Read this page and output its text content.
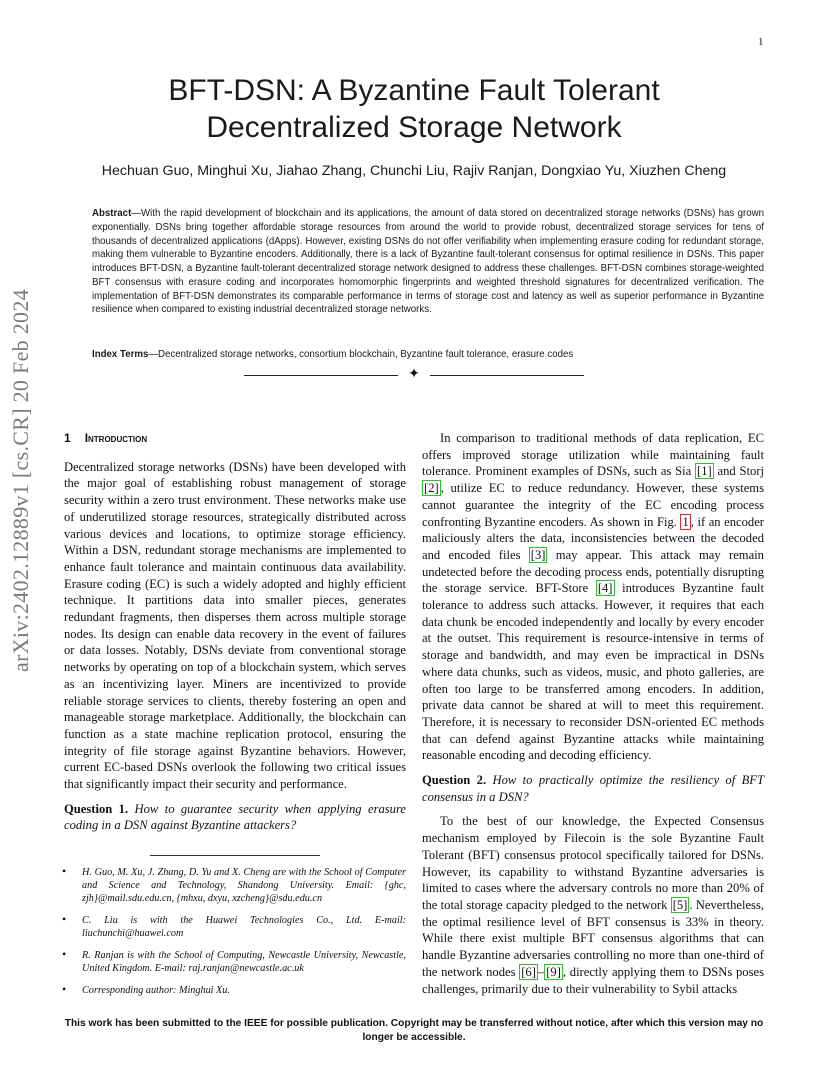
1
arXiv:2402.12889v1 [cs.CR] 20 Feb 2024
BFT-DSN: A Byzantine Fault Tolerant
Decentralized Storage Network
Hechuan Guo, Minghui Xu, Jiahao Zhang, Chunchi Liu, Rajiv Ranjan, Dongxiao Yu, Xiuzhen Cheng
Abstract—With the rapid development of blockchain and its applications, the amount of data stored on decentralized storage networks (DSNs) has grown exponentially. DSNs bring together affordable storage resources from around the world to provide robust, decentralized storage services for tens of thousands of decentralized applications (dApps). However, existing DSNs do not offer verifiability when implementing erasure coding for redundant storage, making them vulnerable to Byzantine encoders. Additionally, there is a lack of Byzantine fault-tolerant consensus for optimal resilience in DSNs. This paper introduces BFT-DSN, a Byzantine fault-tolerant decentralized storage network designed to address these challenges. BFT-DSN combines storage-weighted BFT consensus with erasure coding and incorporates homomorphic fingerprints and weighted threshold signatures for decentralized verification. The implementation of BFT-DSN demonstrates its comparable performance in terms of storage cost and latency as well as superior performance in Byzantine resilience when compared to existing industrial decentralized storage networks.
Index Terms—Decentralized storage networks, consortium blockchain, Byzantine fault tolerance, erasure codes
✦
1 Introduction

Decentralized storage networks (DSNs) have been developed with the major goal of establishing robust management of storage security within a zero trust environment. These networks make use of underutilized storage resources, strategically distributed across various devices and locations, to optimize storage efficiency. Within a DSN, redundant storage mechanisms are implemented to enhance fault tolerance and maintain continuous data availability. Erasure coding (EC) is such a widely adopted and highly efficient technique. It partitions data into smaller pieces, generates redundant fragments, then disperses them across multiple storage nodes. Its design can enable data recovery in the event of failures or data losses. Notably, DSNs deviate from conventional storage networks by operating on top of a blockchain system, which serves as an incentivizing layer. Miners are incentivized to provide reliable storage services to clients, thereby fostering an open and manageable storage marketplace. Additionally, the blockchain can function as a state machine replication protocol, ensuring the integrity of file storage against Byzantine behaviors. However, current EC-based DSNs overlook the following two critical issues that significantly impact their security and performance.

Question 1. How to guarantee security when applying erasure coding in a DSN against Byzantine attackers?

In comparison to traditional methods of data replication, EC offers improved storage utilization while maintaining fault tolerance. Prominent examples of DSNs, such as Sia [1] and Storj [2] , utilize EC to reduce redundancy. However, these systems cannot guarantee the integrity of the EC encoding process confronting Byzantine encoders. As shown in Fig. 1 , if an encoder maliciously alters the data, inconsistencies between the decoded and encoded files [3] may appear. This attack may remain undetected before the decoding process ends, potentially disrupting the storage service. BFT-Store [4] introduces Byzantine fault tolerance to address such attacks. However, it requires that each data chunk be encoded independently and locally by every encoder at the outset. This requirement is resource-intensive in terms of storage and bandwidth, and may even be impractical in DSNs where data chunks, such as videos, music, and photo galleries, are often too large to be transferred among encoders. In addition, private data cannot be shared at will to meet this requirement. Therefore, it is necessary to reconsider DSN-oriented EC methods that can defend against Byzantine attacks while maintaining reasonable encoding and decoding efficiency.

Question 2. How to practically optimize the resiliency of BFT consensus in a DSN?

To the best of our knowledge, the Expected Consensus mechanism employed by Filecoin is the sole Byzantine Fault Tolerant (BFT) consensus protocol specifically tailored for DSNs. However, its capability to withstand Byzantine adversaries is limited to cases where the adversary controls no more than 20% of the total storage capacity pledged to the network [5] . Nevertheless, the optimal resilience level of BFT consensus is 33% in theory. While there exist multiple BFT consensus algorithms that can handle Byzantine adversaries controlling no more than one-third of the network nodes [6] – [9] , directly applying them to DSNs poses challenges, primarily due to their vulnerability to Sybil attacks

• H. Guo, M. Xu, J. Zhang, D. Yu and X. Cheng are with the School of Computer and Science and Technology, Shandong University. Email: {ghc, zjh}@mail.sdu.edu.cn, {mhxu, dxyu, xzcheng}@sdu.edu.cn
• C. Liu is with the Huawei Technologies Co., Ltd. E-mail: liuchunchi@huawei.com
• R. Ranjan is with the School of Computing, Newcastle University, Newcastle, United Kingdom. E-mail: raj.ranjan@newcastle.ac.uk
• Corresponding author: Minghui Xu.
This work has been submitted to the IEEE for possible publication. Copyright may be transferred without notice, after which this version may no longer be accessible.
